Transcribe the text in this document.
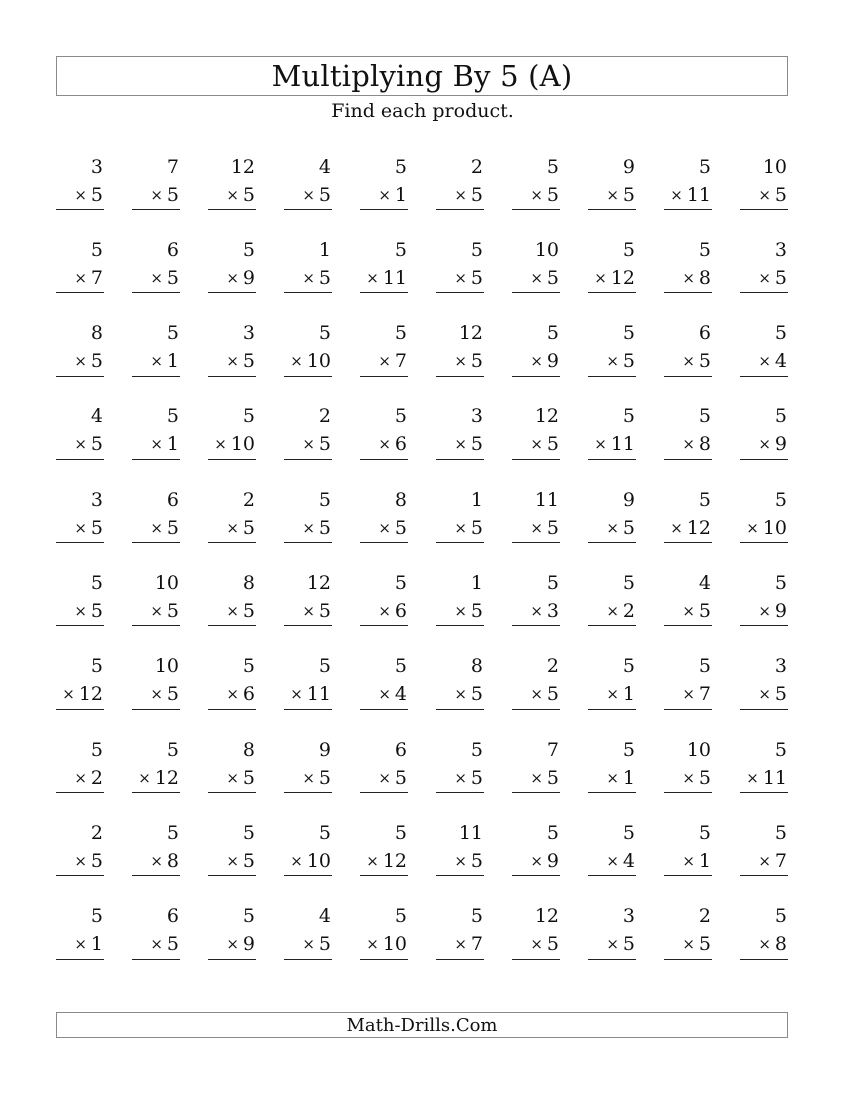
Multiplying By 5 (A)
Find each product.
3
× 5
7
× 5
12
× 5
4
× 5
5
× 1
2
× 5
5
× 5
9
× 5
5
× 11
10
× 5
5
× 7
6
× 5
5
× 9
1
× 5
5
× 11
5
× 5
10
× 5
5
× 12
5
× 8
3
× 5
8
× 5
5
× 1
3
× 5
5
× 10
5
× 7
12
× 5
5
× 9
5
× 5
6
× 5
5
× 4
4
× 5
5
× 1
5
× 10
2
× 5
5
× 6
3
× 5
12
× 5
5
× 11
5
× 8
5
× 9
3
× 5
6
× 5
2
× 5
5
× 5
8
× 5
1
× 5
11
× 5
9
× 5
5
× 12
5
× 10
5
× 5
10
× 5
8
× 5
12
× 5
5
× 6
1
× 5
5
× 3
5
× 2
4
× 5
5
× 9
5
× 12
10
× 5
5
× 6
5
× 11
5
× 4
8
× 5
2
× 5
5
× 1
5
× 7
3
× 5
5
× 2
5
× 12
8
× 5
9
× 5
6
× 5
5
× 5
7
× 5
5
× 1
10
× 5
5
× 11
2
× 5
5
× 8
5
× 5
5
× 10
5
× 12
11
× 5
5
× 9
5
× 4
5
× 1
5
× 7
5
× 1
6
× 5
5
× 9
4
× 5
5
× 10
5
× 7
12
× 5
3
× 5
2
× 5
5
× 8
Math-Drills.Com
